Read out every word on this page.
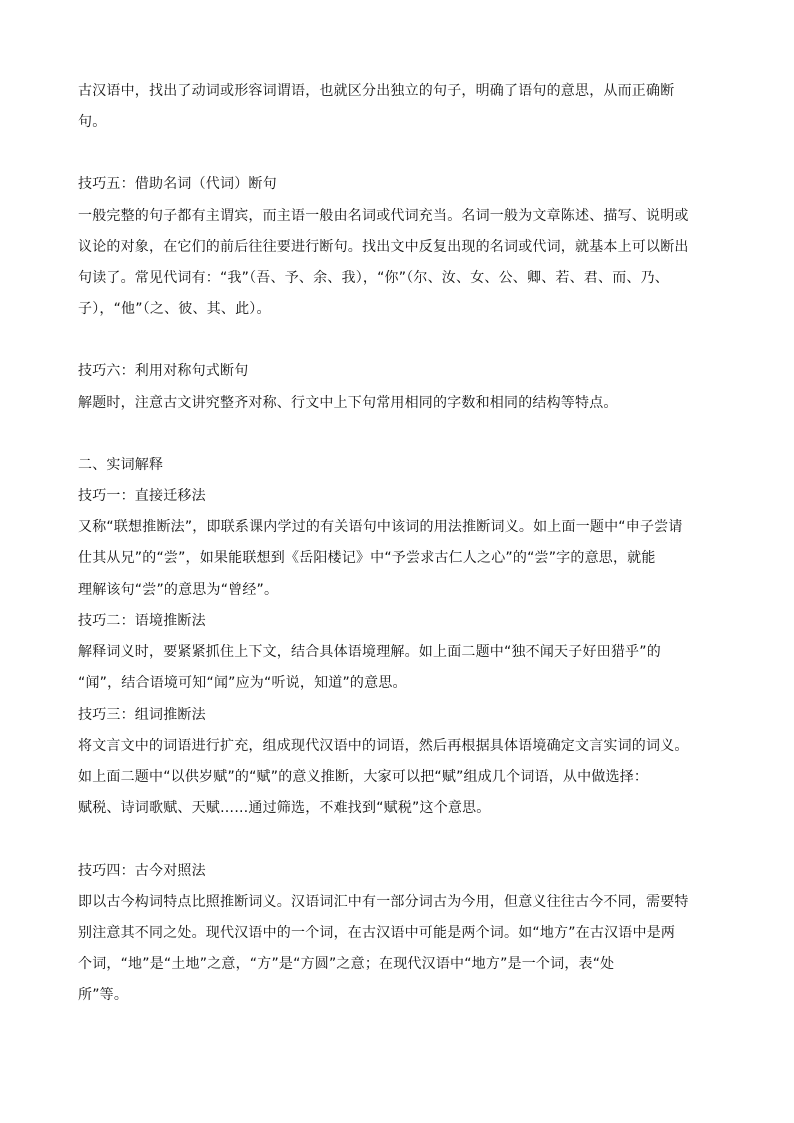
古汉语中，找出了动词或形容词谓语，也就区分出独立的句子，明确了语句的意思，从而正确断
句。
技巧五：借助名词（代词）断句
一般完整的句子都有主谓宾，而主语一般由名词或代词充当。名词一般为文章陈述、描写、说明或
议论的对象，在它们的前后往往要进行断句。找出文中反复出现的名词或代词，就基本上可以断出
句读了。常见代词有：“我”（吾、予、余、我），“你”（尔、汝、女、公、卿、若、君、而、乃、
子），“他”（之、彼、其、此）。
技巧六：利用对称句式断句
解题时，注意古文讲究整齐对称、行文中上下句常用相同的字数和相同的结构等特点。
二、实词解释
技巧一：直接迁移法
又称“联想推断法”，即联系课内学过的有关语句中该词的用法推断词义。如上面一题中“申子尝请
仕其从兄”的“尝”，如果能联想到《岳阳楼记》中“予尝求古仁人之心”的“尝”字的意思，就能
理解该句“尝”的意思为“曾经”。
技巧二：语境推断法
解释词义时，要紧紧抓住上下文，结合具体语境理解。如上面二题中“独不闻天子好田猎乎”的
“闻”，结合语境可知“闻”应为“听说，知道”的意思。
技巧三：组词推断法
将文言文中的词语进行扩充，组成现代汉语中的词语，然后再根据具体语境确定文言实词的词义。
如上面二题中“以供岁赋”的“赋”的意义推断，大家可以把“赋”组成几个词语，从中做选择：
赋税、诗词歌赋、天赋……通过筛选，不难找到“赋税”这个意思。
技巧四：古今对照法
即以古今构词特点比照推断词义。汉语词汇中有一部分词古为今用，但意义往往古今不同，需要特
别注意其不同之处。现代汉语中的一个词，在古汉语中可能是两个词。如“地方”在古汉语中是两
个词，“地”是“土地”之意，“方”是“方圆”之意；在现代汉语中“地方”是一个词，表“处
所”等。
